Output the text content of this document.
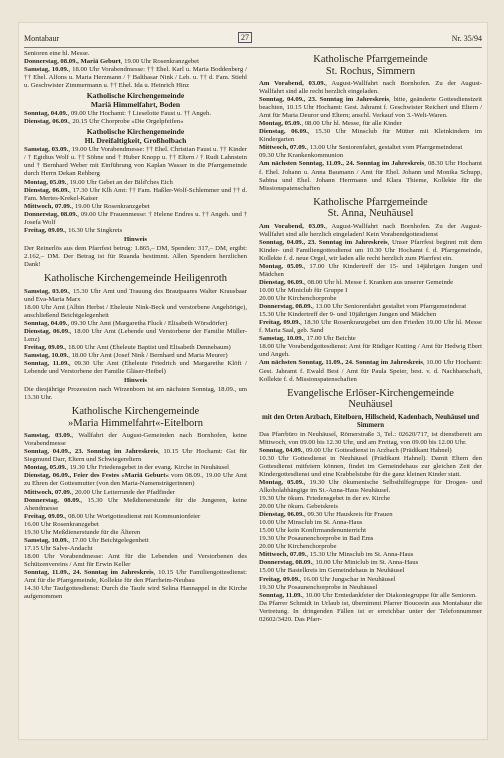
Montabaur	27	Nr. 35/94

Senioren eine hl. Messe.

Donnerstag, 08.09., Mariä Geburt, 19.00 Uhr Rosenkranzgebet

Samstag, 10.09., 18.00 Uhr Vorabendmesse: †† Ehel. Karl u. Maria Boddenberg / †† Ehel. Alfons u. Maria Herzmann / † Balthasar Nink / Leb. u. †† d. Fam. Stiehl u. Geschwister Zimmermann u. †† Ehel. Ida u. Heinrich Hinz

Katholische Kirchengemeinde
Mariä Himmelfahrt, Boden

Sonntag, 04.09., 09.00 Uhr Hochamt: † Lieselotte Faust u. †† Angeh.

Dienstag, 06.09., 20.15 Uhr Chorprobe »Die Orgelpfeifen«

Katholische Kirchengemeinde
Hl. Dreifaltigkeit, Großholbach

Samstag, 03.09., 19.00 Uhr Vorabendmesse: †† Ehel. Christian Faust u. †† Kinder / † Egidius Wolf u. †† Söhne und † Huber Knopp u. †† Eltern / † Rudi Lahnstein und † Bernhard Weber mit Einführung von Kaplan Wasser in die Pfarrgemeinde durch Herrn Dekan Rehberg

Montag, 05.09., 19.00 Uhr Gebet an der Bild'ches Eich

Dienstag, 06.09., 17.30 Uhr Klh Amt: †† Fam. Haßler-Wolf-Schlemmer und †† d. Fam. Mertes-Krekel-Kaiser

Mittwoch, 07.09., 19.00 Uhr Rosenkranzgebet

Donnerstag, 08.09., 09.00 Uhr Frauenmesse: † Helene Endres u. †† Angeh. und † Josefa Wolf

Freitag, 09.09., 16.30 Uhr Singkreis

Hinweis

Der Reinerlös aus dem Pfarrfest betrug: 1.865,– DM, Spenden: 317,– DM, ergibt: 2.162,– DM. Der Betrag ist für Ruanda bestimmt. Allen Spendern herzlichen Dank!

Katholische Kirchengemeinde Heiligenroth

Samstag, 03.09., 15.30 Uhr Amt und Trauung des Brautpaares Walter Krausbaar und Eva-Maria Marx

18.00 Uhr Amt (Albin Herbst / Eheleute Nink-Beck und verstorbene Angehörige), anschließend Beichtgelegenheit

Sonntag, 04.09., 09.30 Uhr Amt (Margaretha Fluck / Elisabeth Wörsdörfer)

Dienstag, 06.09., 18.00 Uhr Amt (Lebende und Verstorbene der Familie Müller-Lenz)

Freitag, 09.09., 18.00 Uhr Amt (Eheleute Baptist und Elisabeth Dennebaum)

Samstag, 10.09., 18.00 Uhr Amt (Josef Nink / Bernhard und Maria Meurer)

Sonntag, 11.09., 09.30 Uhr Amt (Eheleute Friedrich und Margarethe Klöft / Lebende und Verstorbene der Familie Gläser-Heibel)

Hinweis

Die diesjährige Prozession nach Wirzenborn ist am nächsten Sonntag, 18.09., um 13.30 Uhr.

Katholische Kirchengemeinde
»Maria Himmelfahrt«-Eitelborn

Samstag, 03.09., Wallfahrt der August-Gemeinden nach Bornhofen, keine Vorabendmesse

Sonntag, 04.09., 23. Sonntag im Jahreskreis, 10.15 Uhr Hochamt: Gst für Siegmund Darr, Eltern und Schwiegereltern

Montag, 05.09., 19.30 Uhr Friedensgebet in der evang. Kirche in Neuhäusel

Dienstag, 06.09., Feier des Festes »Mariä Geburt« vom 08.09., 19.00 Uhr Amt zu Ehren der Gottesmutter (von den Maria-Namensträgerinnen)

Mittwoch, 07.09., 20.00 Uhr Leiterrunde der Pfadfinder

Donnerstag, 08.09., 15.30 Uhr Meßdienerstunde für die Jungeren, keine Abendmesse

Freitag, 09.09., 08.00 Uhr Wortgottesdienst mit Kommunionfeier

16.00 Uhr Rosenkranzgebet

19.30 Uhr Meßdienerstunde für die Älteren

Samstag, 10.09., 17.00 Uhr Beichtgelegenheit

17.15 Uhr Salve-Andacht

18.00 Uhr Vorabendmesse: Amt für die Lebenden und Verstorbenen des Schützenvereins / Amt für Erwin Keller

Sonntag, 11.09., 24. Sonntag im Jahreskreis, 10.15 Uhr Familiengottesdienst: Amt für die Pfarrgemeinde, Kollekte für den Pfarrheim-Neubau

14.30 Uhr Taufgottesdienst: Durch die Taufe wird Selina Hannappel in die Kirche aufgenommen

Katholische Pfarrgemeinde
St. Rochus, Simmern

Am Vorabend, 03.09., August-Wallfahrt nach Bornhofen. Zu der August-Wallfahrt sind alle recht herzlich eingeladen.

Sonntag, 04.09., 23. Sonntag im Jahreskreis, bitte, geänderte Gottesdienstzeit beachten, 10.15 Uhr Hochamt: Gest. Jahramt f. Geschwister Reichert und Eltern / Amt für Maria Deuror und Eltern; anschl. Verkauf von 3.-Welt-Waren.

Montag, 05.09., 08.00 Uhr hl. Messe, für alle Kinder

Dienstag, 06.09., 15.30 Uhr Minsclub für Mütter mit Kleinkindern im Kindergarten

Mittwoch, 07.09., 13.00 Uhr Seniorenfahrt, gestaltet vom Pfarrgemeinderat

09.30 Uhr Krankenkommunion

Am nächsten Sonntag, 11.09., 24. Sonntag im Jahreskreis, 08.30 Uhr Hochamt f. Ehel. Johann u. Anna Baumann / Amt für Ehel. Johann und Monika Schupp, Sabina und Ehel. Johann Herrmann und Klara Thieme, Kollekte für die Missionspatenschaften

Katholische Pfarrgemeinde
St. Anna, Neuhäusel

Am Vorabend, 03.09., August-Wallfahrt nach Bornhofen. Zu der August-Wallfahrt sind alle herzlich eingeladen! Kein Vorabendgottesdienst

Sonntag, 04.09., 23. Sonntag im Jahreskreis, Unser Pfarrfest beginnt mit dem Kinder- und Familiengottesdienst um 10.30 Uhr Hochamt f. d. Pfarrgemeinde, Kollekte f. d. neue Orgel, wir laden alle recht herzlich zum Pfarrfest ein.

Montag, 05.09., 17.00 Uhr Kindertreff der 15- und 14jährigen Jungen und Mädchen

Dienstag, 06.09., 08.00 Uhr hl. Messe f. Kranken aus unserer Gemeinde

10.00 Uhr Miniclub für Gruppe I

20.00 Uhr Kirchenchorprobe

Donnerstag, 08.09., 13.00 Uhr Seniorenfahrt gestaltet vom Pfarrgemeinderat

15.30 Uhr Kindertreff der 9- und 10jährigen Jungen und Mädchen

Freitag, 09.09., 18.30 Uhr Rosenkranzgebet um den Frieden 19.00 Uhr hl. Messe f. Maria Saal, geb. Sand

Samstag, 10.09., 17.00 Uhr Beichte

18.00 Uhr Vorabendgottesdienst: Amt für Rüdiger Kutting / Amt für Hedwig Ebert und Angeh.

Am nächsten Sonntag, 11.09., 24. Sonntag im Jahreskreis, 10.00 Uhr Hochamt: Gest. Jahramt f. Ewald Best / Amt für Paula Speier, best. v. d. Nachbarschaft, Kollekte f. d. Missionspatenschaften

Evangelische Erlöser-Kirchengemeinde
Neuhäusel

mit den Orten Arzbach, Eitelborn, Hillscheid, Kadenbach, Neuhäusel und Simmern

Das Pfarrbüro in Neuhäusel, Römerstraße 3, Tel.: 02620/717, ist dienstbereit am Mittwoch, von 09.00 bis 12.30 Uhr, und am Freitag, von 09.00 bis 12.00 Uhr.

Sonntag, 04.09., 09.00 Uhr Gottesdienst in Arzbach (Prädikant Hahnel)

10.30 Uhr Gottesdienst in Neuhäusel (Prädikant Hahnel). Damit Eltern den Gottesdienst mitfeiern können, findet im Gemeindehaus zur gleichen Zeit der Kindergottesdienst und eine Krabbelstube für die ganz kleinen Kinder statt.

Montag, 05.09., 19.30 Uhr ökumenische Selbsthilfegruppe für Drogen- und Alkoholabhängige im St.-Anna-Haus Neuhäusel.

19.30 Uhr ökum. Friedensgebet in der ev. Kirche

20.00 Uhr ökum. Gebetskreis

Dienstag, 06.09., 09.30 Uhr Hauskreis für Frauen

10.00 Uhr Minsclub im St. Anna-Haus

15.00 Uhr kein Konfirmandenunterricht

19.30 Uhr Posaunenchorprobe in Bad Ems

20.00 Uhr Kirchenchorprobe

Mittwoch, 07.09., 15.30 Uhr Minsclub im St. Anna-Haus

Donnerstag, 08.09., 10.00 Uhr Miniclub im St. Anna-Haus

15.00 Uhr Bastelkreis im Gemeindehaus in Neuhäusel

Freitag, 09.09., 16.00 Uhr Jungschar in Neuhäusel

19.30 Uhr Posaunenchorprobe in Neuhäusel

Sonntag, 11.09., 10.00 Uhr Erntedankfeier der Diakoniegruppe für alle Senioren.

Da Pfarrer Schmidt in Urlaub ist, übernimmt Pfarrer Bouceein aus Montabaur die Vertretung. In dringenden Fällen ist er erreichbar unter der Telefonnummer 02602/3420. Das Pfarr-
